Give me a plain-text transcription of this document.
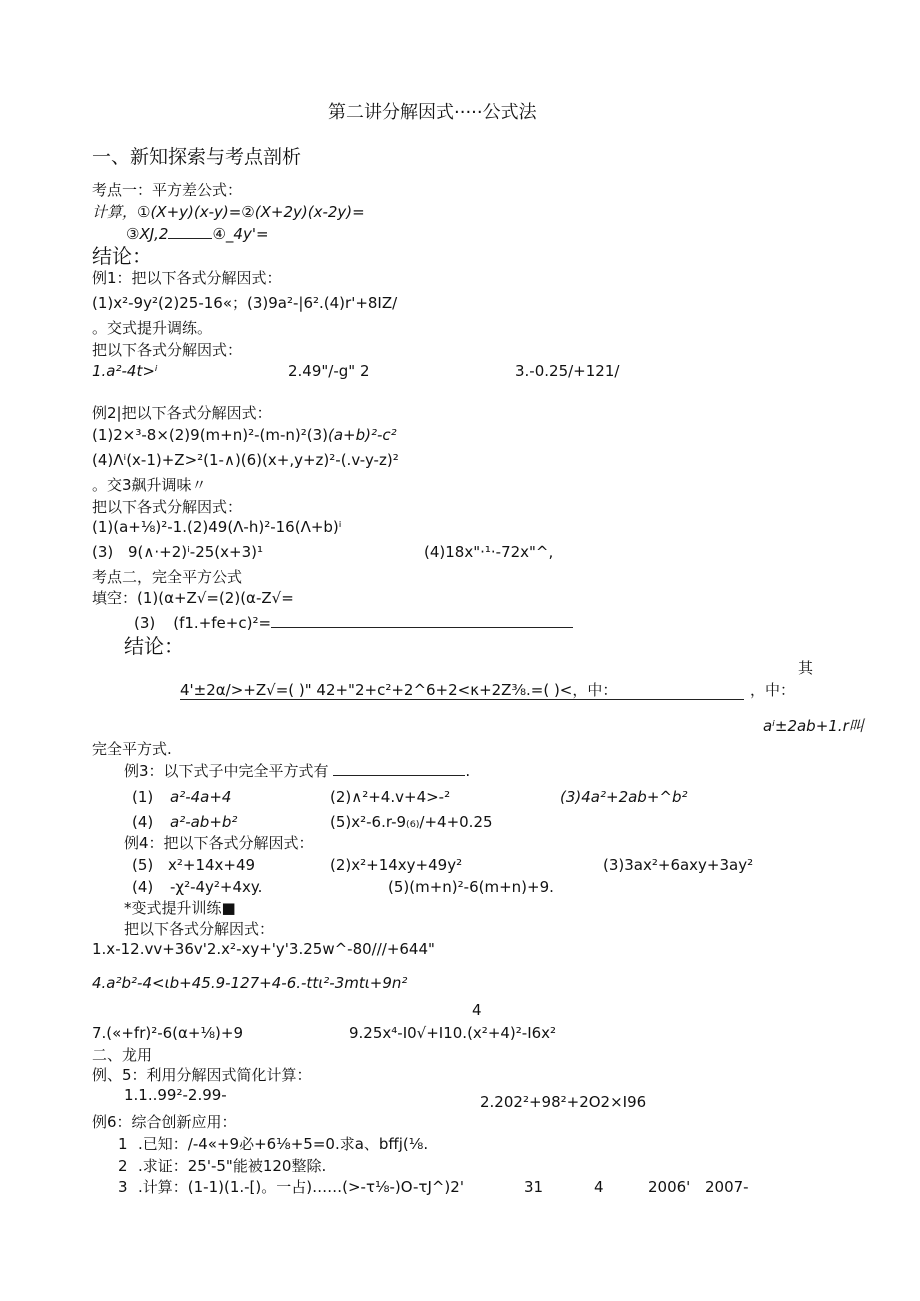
第二讲分解因式·····公式法
一、新知探索与考点剖析
考点一：平方差公式：
计算，①(X+y)(x-y)=②(X+2y)(x-2y)=
③XJ,2	④_4y'=
结论：
例1：把以下各式分解因式：
(1)x²-9y²(2)25-16«；(3)9a²-|6².(4)r'+8IZ/
。交式提升调练。
把以下各式分解因式：
1.a²-4t>ⁱ	2.49"/-g" 2	3.-0.25/+121/
例2|把以下各式分解因式：
(1)2×³-8×(2)9(m+n)²-(m-n)²(3)(a+b)²-c²
(4)Λⁱ(x-1)+Z>²(1-∧)(6)(x+,y+z)²-(.v-y-z)²
。交3飙升调味〃
把以下各式分解因式：
(1)(a+⅛)²-1.(2)49(Λ-h)²-16(Λ+b)ⁱ
(3) 9(∧·+2)ⁱ-25(x+3)¹	(4)18x"·¹·-72x"^,
考点二，完全平方公式
填空：(1)(α+Z√=(2)(α-Z√=
(3) (f1.+fe+c)²=
结论：
其
4'±2α/>+Z√=( )" 42+"2+c²+2^6+2<κ+2Z⅜.=( )<，中：	，中：
aⁱ±2ab+1.r叫
完全平方式.
例3：以下式子中完全平方式有	.
(1) a²-4a+4	(2)∧²+4.v+4>-²	(3)4a²+2ab+^b²
(4) a²-ab+b²	(5)x²-6.r-9₍₆₎/+4+0.25
例4：把以下各式分解因式：
(5) x²+14x+49	(2)x²+14xy+49y²	(3)3ax²+6axy+3ay²
(4) -χ²-4y²+4xy.	(5)(m+n)²-6(m+n)+9.
*变式提升训练■
把以下各式分解因式：
1.x-12.vv+36v'2.x²-xy+'y'3.25w^-80///+644"
4.a²b²-4<ιb+45.9-127+4-6.-ttι²-3mtι+9n²
4
7.(«+fr)²-6(α+⅛)+9	9.25x⁴-I0√+I10.(x²+4)²-I6x²
二、龙用
例、5：利用分解因式简化计算：
1.1..99²-2.99-	2.202²+98²+2O2×I96
例6：综合创新应用：
1 .已知：/-4«+9必+6⅛+5=0.求a、bffj(⅛.
2 .求证：25'-5"能被120整除.
3 .计算：(1-1)(1.-[)。一占)……(>-τ⅛-)O-τJ^)2'	31	4	2006' 2007-
